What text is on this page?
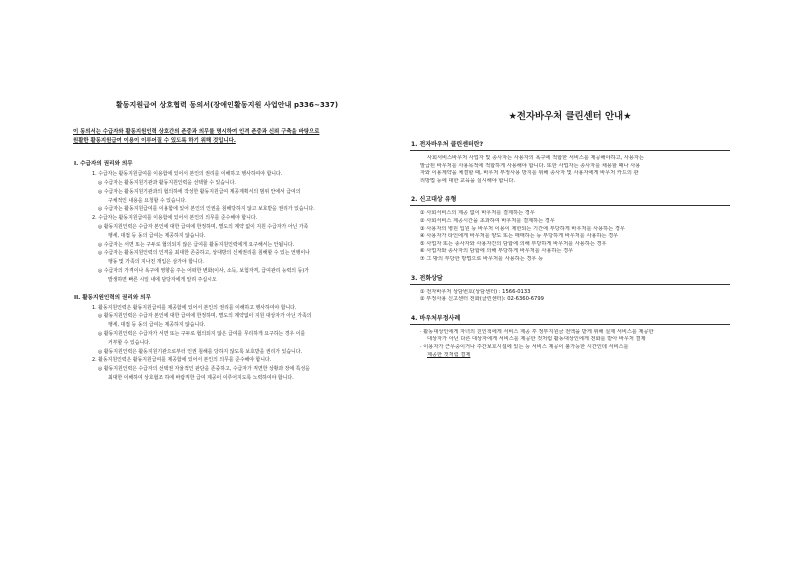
활동지원급여 상호협력 동의서(장애인활동지원 사업안내 p336~337)
이 동의서는 수급자와 활동지원인력 상호간의 존중과 의무를 명시하여 인격 존중과 신뢰 구축을 바탕으로
원활한 활동지원급여 이용이 이루어질 수 있도록 하기 위해 것입니다.
I. 수급자의 권리와 의무
1. 수급자는 활동지원급여를 이용함에 있어서 본인의 권리를 이해하고 행사하여야 합니다.
◎ 수급자는 활동지원기관과 활동지원인력을 선택할 수 있습니다.
◎ 수급자는 활동지원기관과의 협의하에 작성한 활동지원급여 제공계획서의 범위 안에서 급여의
구체적인 내용을 요청할 수 있습니다.
◎ 수급자는 활동지원급여를 이용함에 있어 본인의 인권을 침해당하지 않고 보호받을 권리가 있습니다.
2. 수급자는 활동지원급여를 이용함에 있어서 본인의 의무를 준수해야 합니다.
◎ 활동지원인력은 수급자 본인에 대한 급여에 한정하며, 별도의 계약 없이 지원 수급자가 아닌 가족
행세, 대접 등 동의 급여는 제공하지 않습니다.
◎ 수급자는 서면 또는 구두로 협의되지 않은 급여를 활동지원인력에게 요구해서는 안됩니다.
◎ 수급자는 활동지원인력의 인격을 최대한 존중하고, 상대방의 신체권리를 침해할 수 있는 언행이나
행동 및 가족의 지나친 개입은 삼가야 합니다.
◎ 수급자의 가격이나 욕구에 영향을 주는 어떠한 변화(이사, 소득, 보험자격, 급여관리 능력의 등)가
발생하면 빠른 시일 내에 담당자에게 알려 주십시오
II. 활동지원인력의 권리와 의무
1. 활동지원인력은 활동지원급여를 제공함에 있어서 본인의 권리를 이해하고 행사하여야 합니다.
◎ 활동지원인력은 수급자 본인에 대한 급여에 한정하며, 별도의 계약없이 지원 대상자가 아닌 가족의
행세, 대접 등 동의 급여는 제공하지 않습니다.
◎ 활동지원인력은 수급자가 서면 또는 구두로 협의되지 않은 급여를 무리하게 요구하는 경우 이를
거부할 수 있습니다.
◎ 활동지원인력은 활동지원기관으로부터 인권 침해를 당하지 않도록 보호받을 권리가 있습니다.
2. 활동지원인력은 활동지원급여를 제공함에 있어서 본인의 의무를 준수해야 합니다.
◎ 활동지원인력은 수급자의 선택권 자율적인 판단을 존중하고, 수급자가 직면한 상황과 장애 특성을
최대한 이해하여 상호협조 하에 바람직한 급여 제공이 이루어지도록 노력하여야 합니다.
★전자바우처 클린센터 안내★
1. 전자바우처 클린센터란?
사회서비스바우처 사업자 및 종사자는 사용자의 욕구에 적합한 서비스를 제공해야하고, 사용자는
발급된 바우처를 사용목적에 적합하게 사용해야 합니다. 또한 사업자는 종사자를 채용할 때나 사용
자와 이용계약을 체결할 때, 바우처 부정사용 방지를 위해 종사자 및 사용자에게 바우처 카드의 관
리방법 등에 대한 교육을 실시해야 합니다.
2. 신고대상 유형
① 사회서비스의 제공 없이 바우처를 결제하는 경우
② 사회서비스 제공시간을 초과하여 바우처를 결제하는 경우
③ 사용자의 병원 입원 등 바우처 이용이 제한되는 기간에 부당하게 바우처를 사용하는 경우
④ 사용자가 타인에게 바우처를 양도 또는 매매하는 등 부당하게 바우처를 사용하는 경우
⑤ 사업자 또는 종사자와 사용자간의 담합에 의해 부당하게 바우처를 사용하는 경우
⑥ 사업자와 종사자의 담합에 의해 부당하게 바우처를 사용하는 경우
⑦ 그 밖의 부당한 방법으로 바우처를 사용하는 경우 등
3. 전화상담
① 전자바우처 상담번호(상담센터) : 1566-0133
② 부정사용 신고센터 전화(클린센터): 02-6360-6799
4. 바우처부정사례
· 활동대상인에게 자녀의 친인척에게 서비스 제공 후 정부지원금 전액을 받게 위해 실제 서비스를 제공한
대상자가 아닌 다른 대상자에게 서비스를 제공한 것처럼 활동대상인에게 전화를 받아 바우처 결제
· 이용자가 근무중이거나 주간보호시설에 있는 등 서비스 제공이 불가능한 시간인데 서비스를
제공한 것처럼 결제
